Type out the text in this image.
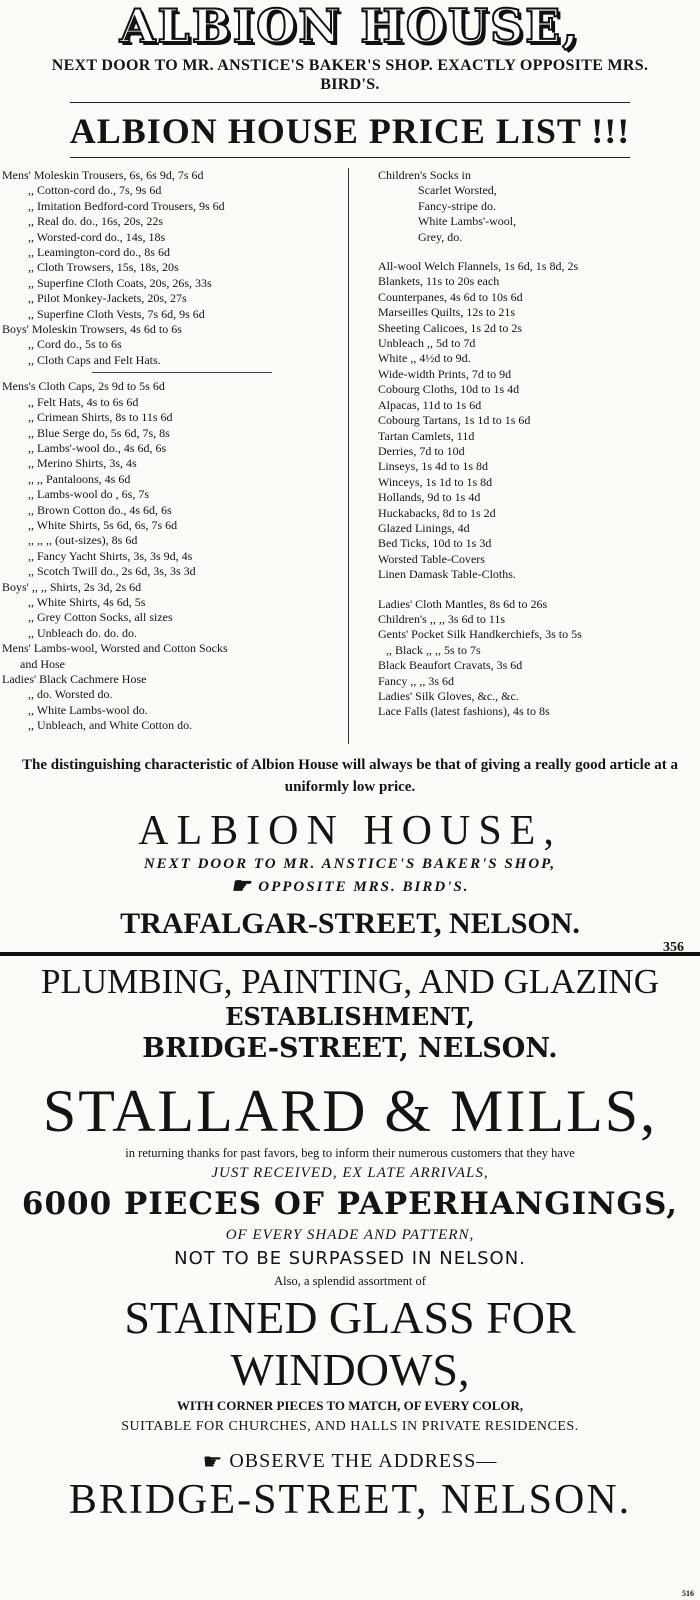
ALBION HOUSE,
NEXT DOOR TO MR. ANSTICE'S BAKER'S SHOP. EXACTLY OPPOSITE MRS. BIRD'S.
ALBION HOUSE PRICE LIST !!!
Mens' Moleskin Trousers, 6s, 6s 9d, 7s 6d
,, Cotton-cord do., 7s, 9s 6d
,, Imitation Bedford-cord Trousers, 9s 6d
,, Real do. do., 16s, 20s, 22s
,, Worsted-cord do., 14s, 18s
,, Leamington-cord do., 8s 6d
,, Cloth Trowsers, 15s, 18s, 20s
,, Superfine Cloth Coats, 20s, 26s, 33s
,, Pilot Monkey-Jackets, 20s, 27s
,, Superfine Cloth Vests, 7s 6d, 9s 6d
Boys' Moleskin Trowsers, 4s 6d to 6s
,, Cord do., 5s to 6s
,, Cloth Caps and Felt Hats.
Mens's Cloth Caps, 2s 9d to 5s 6d
,, Felt Hats, 4s to 6s 6d
,, Crimean Shirts, 8s to 11s 6d
,, Blue Serge do, 5s 6d, 7s, 8s
,, Lambs'-wool do., 4s 6d, 6s
,, Merino Shirts, 3s, 4s
,, ,, Pantaloons, 4s 6d
,, Lambs-wool do , 6s, 7s
,, Brown Cotton do., 4s 6d, 6s
,, White Shirts, 5s 6d, 6s, 7s 6d
,, ,, ,, (out-sizes), 8s 6d
,, Fancy Yacht Shirts, 3s, 3s 9d, 4s
,, Scotch Twill do., 2s 6d, 3s, 3s 3d
Boys' ,, ,, Shirts, 2s 3d, 2s 6d
,, White Shirts, 4s 6d, 5s
,, Grey Cotton Socks, all sizes
,, Unbleach do. do. do.
Mens' Lambs-wool, Worsted and Cotton Socks
and Hose
Ladies' Black Cachmere Hose
,, do. Worsted do.
,, White Lambs-wool do.
,, Unbleach, and White Cotton do.
Children's Socks in
Scarlet Worsted,
Fancy-stripe do.
White Lambs'-wool,
Grey, do.
All-wool Welch Flannels, 1s 6d, 1s 8d, 2s
Blankets, 11s to 20s each
Counterpanes, 4s 6d to 10s 6d
Marseilles Quilts, 12s to 21s
Sheeting Calicoes, 1s 2d to 2s
Unbleach ,, 5d to 7d
White ,, 4½d to 9d.
Wide-width Prints, 7d to 9d
Cobourg Cloths, 10d to 1s 4d
Alpacas, 11d to 1s 6d
Cobourg Tartans, 1s 1d to 1s 6d
Tartan Camlets, 11d
Derries, 7d to 10d
Linseys, 1s 4d to 1s 8d
Winceys, 1s 1d to 1s 8d
Hollands, 9d to 1s 4d
Huckabacks, 8d to 1s 2d
Glazed Linings, 4d
Bed Ticks, 10d to 1s 3d
Worsted Table-Covers
Linen Damask Table-Cloths.
Ladies' Cloth Mantles, 8s 6d to 26s
Children's ,, ,, 3s 6d to 11s
Gents' Pocket Silk Handkerchiefs, 3s to 5s
,, Black ,, ,, 5s to 7s
Black Beaufort Cravats, 3s 6d
Fancy ,, ,, 3s 6d
Ladies' Silk Gloves, &c., &c.
Lace Falls (latest fashions), 4s to 8s
The distinguishing characteristic of Albion House will always be that of giving a really good article at a uniformly low price.
ALBION HOUSE,
NEXT DOOR TO MR. ANSTICE'S BAKER'S SHOP,
☛ OPPOSITE MRS. BIRD'S.
TRAFALGAR-STREET, NELSON.
356
PLUMBING, PAINTING, AND GLAZING
ESTABLISHMENT,
BRIDGE-STREET, NELSON.
STALLARD & MILLS,
in returning thanks for past favors, beg to inform their numerous customers that they have
JUST RECEIVED, EX LATE ARRIVALS,
6000 PIECES OF PAPERHANGINGS,
OF EVERY SHADE AND PATTERN,
NOT TO BE SURPASSED IN NELSON.
Also, a splendid assortment of
STAINED GLASS FOR WINDOWS,
WITH CORNER PIECES TO MATCH, OF EVERY COLOR,
SUITABLE FOR CHURCHES, AND HALLS IN PRIVATE RESIDENCES.
☛ OBSERVE THE ADDRESS—
BRIDGE-STREET, NELSON.
516
